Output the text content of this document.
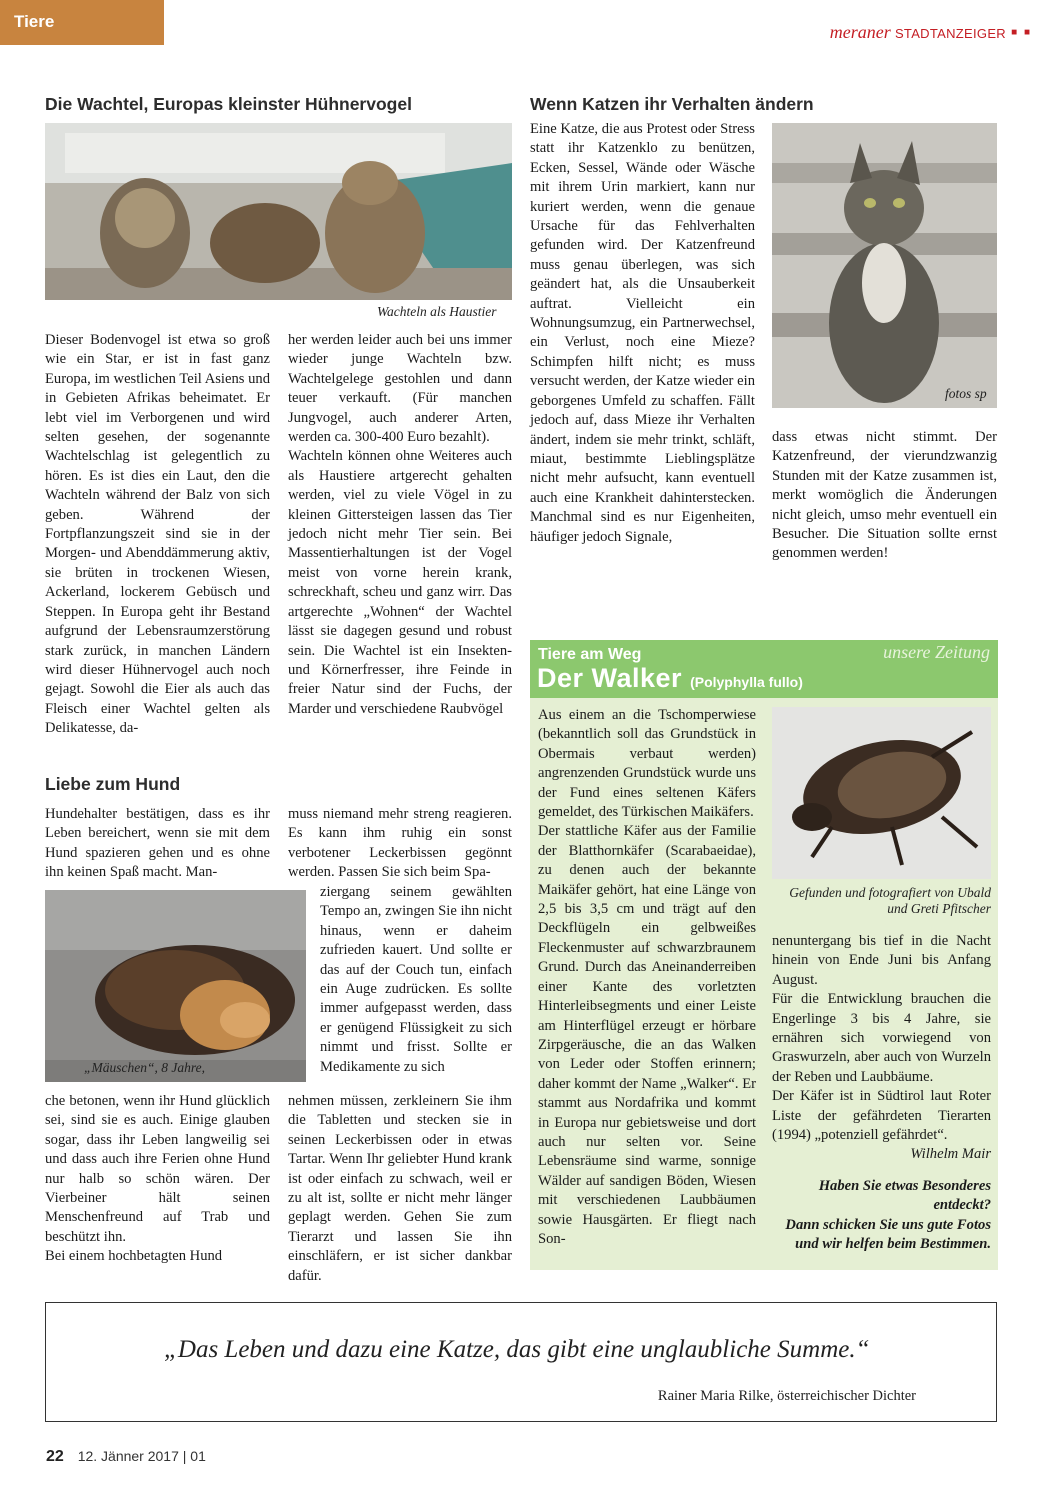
Tiere
meraner STADTANZEIGER ■ ■
Die Wachtel, Europas kleinster Hühnervogel
Wachteln als Haustier
Dieser Bodenvogel ist etwa so groß wie ein Star, er ist in fast ganz Europa, im westlichen Teil Asiens und in Gebieten Afrikas beheimatet. Er lebt viel im Verborgenen und wird selten gesehen, der sogenannte Wachtelschlag ist gelegentlich zu hören. Es ist dies ein Laut, den die Wachteln während der Balz von sich geben. Während der Fortpflanzungszeit sind sie in der Morgen- und Abenddämmerung aktiv, sie brüten in trockenen Wiesen, Ackerland, lockerem Gebüsch und Steppen. In Europa geht ihr Bestand aufgrund der Lebensraumzerstörung stark zurück, in manchen Ländern wird dieser Hühnervogel auch noch gejagt. Sowohl die Eier als auch das Fleisch einer Wachtel gelten als Delikatesse, da-
her werden leider auch bei uns immer wieder junge Wachteln bzw. Wachtelgelege gestohlen und dann teuer verkauft. (Für manchen Jungvogel, auch anderer Arten, werden ca. 300-400 Euro bezahlt).
Wachteln können ohne Weiteres auch als Haustiere artgerecht gehalten werden, viel zu viele Vögel in zu kleinen Gittersteigen lassen das Tier jedoch nicht mehr Tier sein. Bei Massentierhaltungen ist der Vogel meist von vorne herein krank, schreckhaft, scheu und ganz wirr. Das artgerechte „Wohnen“ der Wachtel lässt sie dagegen gesund und robust sein. Die Wachtel ist ein Insekten- und Körnerfresser, ihre Feinde in freier Natur sind der Fuchs, der Marder und verschiedene Raubvögel
Wenn Katzen ihr Verhalten ändern
Eine Katze, die aus Protest oder Stress statt ihr Katzenklo zu benützen, Ecken, Sessel, Wände oder Wäsche mit ihrem Urin markiert, kann nur kuriert werden, wenn die genaue Ursache für das Fehlverhalten gefunden wird. Der Katzenfreund muss genau überlegen, was sich geändert hat, als die Unsauberkeit auftrat. Vielleicht ein Wohnungsumzug, ein Partnerwechsel, ein Verlust, noch eine Mieze? Schimpfen hilft nicht; es muss versucht werden, der Katze wieder ein geborgenes Umfeld zu schaffen. Fällt jedoch auf, dass Mieze ihr Verhalten ändert, indem sie mehr trinkt, schläft, miaut, bestimmte Lieblingsplätze nicht mehr aufsucht, kann eventuell auch eine Krankheit dahinterstecken. Manchmal sind es nur Eigenheiten, häufiger jedoch Signale,
fotos sp
dass etwas nicht stimmt. Der Katzenfreund, der vierundzwanzig Stunden mit der Katze zusammen ist, merkt womöglich die Änderungen nicht gleich, umso mehr eventuell ein Besucher. Die Situation sollte ernst genommen werden!
Liebe zum Hund
Hundehalter bestätigen, dass es ihr Leben bereichert, wenn sie mit dem Hund spazieren gehen und es ohne ihn keinen Spaß macht. Man-
„Mäuschen“, 8 Jahre,
che betonen, wenn ihr Hund glücklich sei, sind sie es auch. Einige glauben sogar, dass ihr Leben langweilig sei und dass auch ihre Ferien ohne Hund nur halb so schön wären. Der Vierbeiner hält seinen Menschenfreund auf Trab und beschützt ihn.
Bei einem hochbetagten Hund
muss niemand mehr streng reagieren. Es kann ihm ruhig ein sonst verbotener Leckerbissen gegönnt werden. Passen Sie sich beim Spa-
ziergang seinem gewählten Tempo an, zwingen Sie ihn nicht hinaus, wenn er daheim zufrieden kauert. Und sollte er das auf der Couch tun, einfach ein Auge zudrücken. Es sollte immer aufgepasst werden, dass er genügend Flüssigkeit zu sich nimmt und frisst. Sollte er Medikamente zu sich
nehmen müssen, zerkleinern Sie ihm die Tabletten und stecken sie in seinen Leckerbissen oder in etwas Tartar. Wenn Ihr geliebter Hund krank ist oder einfach zu schwach, weil er zu alt ist, sollte er nicht mehr länger geplagt werden. Gehen Sie zum Tierarzt und lassen Sie ihn einschläfern, er ist sicher dankbar dafür.
Tiere am Weg
Der Walker (Polyphylla fullo)
unsere Zeitung
Aus einem an die Tschomperwiese (bekanntlich soll das Grundstück in Obermais verbaut werden) angrenzenden Grundstück wurde uns der Fund eines seltenen Käfers gemeldet, des Türkischen Maikäfers.
Der stattliche Käfer aus der Familie der Blatthornkäfer (Scarabaeidae), zu denen auch der bekannte Maikäfer gehört, hat eine Länge von 2,5 bis 3,5 cm und trägt auf den Deckflügeln ein gelbweißes Fleckenmuster auf schwarzbraunem Grund. Durch das Aneinanderreiben einer Kante des vorletzten Hinterleibsegments und einer Leiste am Hinterflügel erzeugt er hörbare Zirpgeräusche, die an das Walken von Leder oder Stoffen erinnern; daher kommt der Name „Walker“. Er stammt aus Nordafrika und kommt in Europa nur gebietsweise und dort auch nur selten vor. Seine Lebensräume sind warme, sonnige Wälder auf sandigen Böden, Wiesen mit verschiedenen Laubbäumen sowie Hausgärten. Er fliegt nach Son-
Gefunden und fotografiert von Ubald und Greti Pfitscher
nenuntergang bis tief in die Nacht hinein von Ende Juni bis Anfang August.
Für die Entwicklung brauchen die Engerlinge 3 bis 4 Jahre, sie ernähren sich vorwiegend von Graswurzeln, aber auch von Wurzeln der Reben und Laubbäume.
Der Käfer ist in Südtirol laut Roter Liste der gefährdeten Tierarten (1994) „potenziell gefährdet“.
Wilhelm Mair
Haben Sie etwas Besonderes entdeckt?
Dann schicken Sie uns gute Fotos und wir helfen beim Bestimmen.
„Das Leben und dazu eine Katze, das gibt eine unglaubliche Summe.“
Rainer Maria Rilke, österreichischer Dichter
22 12. Jänner 2017 | 01
